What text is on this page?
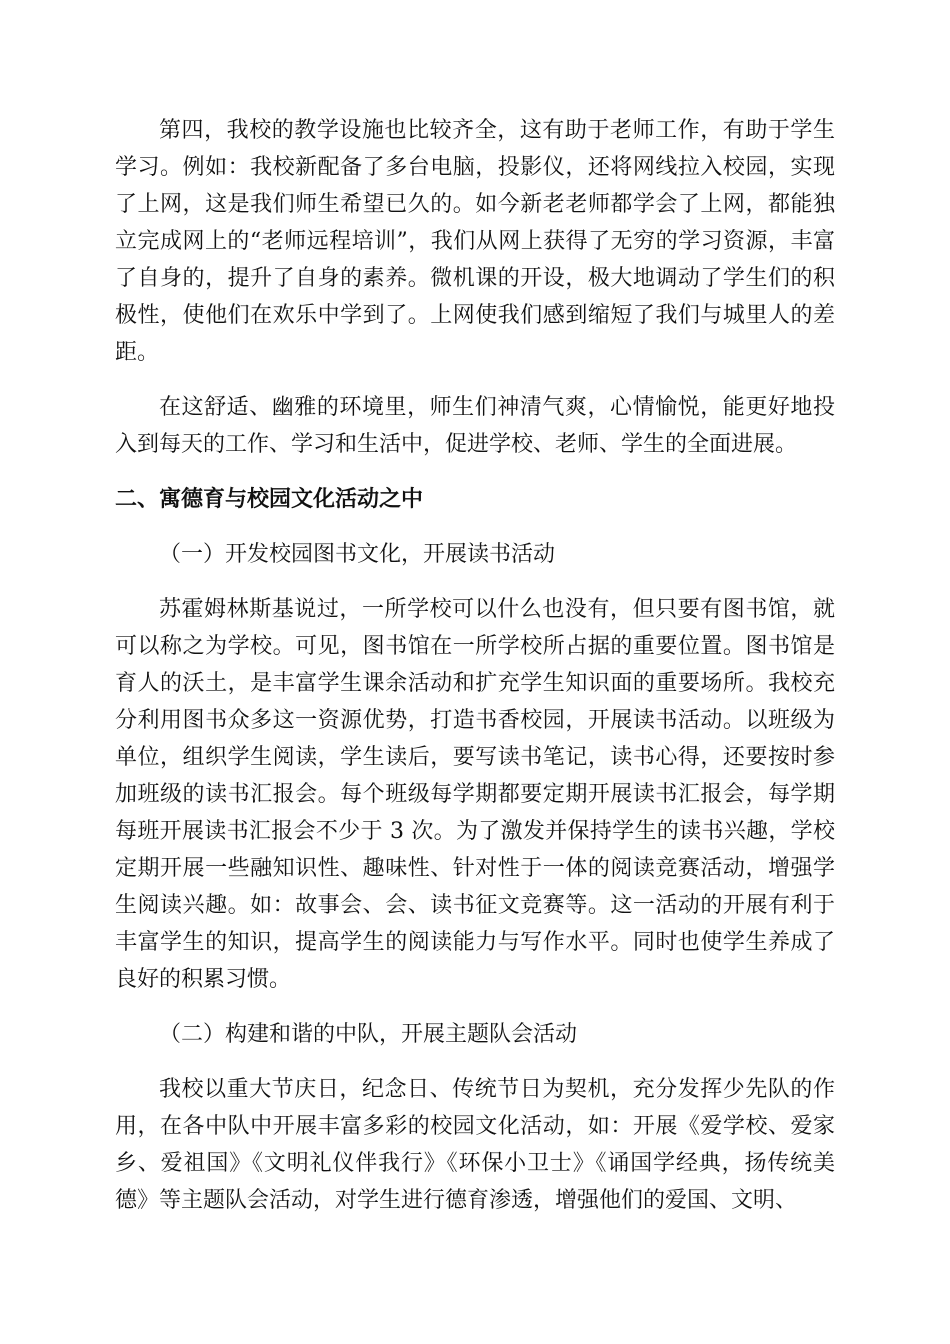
第四，我校的教学设施也比较齐全，这有助于老师工作，有助于学生学习。例如：我校新配备了多台电脑，投影仪，还将网线拉入校园，实现了上网，这是我们师生希望已久的。如今新老老师都学会了上网，都能独立完成网上的“老师远程培训”，我们从网上获得了无穷的学习资源，丰富了自身的，提升了自身的素养。微机课的开设，极大地调动了学生们的积极性，使他们在欢乐中学到了。上网使我们感到缩短了我们与城里人的差距。

在这舒适、幽雅的环境里，师生们神清气爽，心情愉悦，能更好地投入到每天的工作、学习和生活中，促进学校、老师、学生的全面进展。

二、寓德育与校园文化活动之中

（一）开发校园图书文化，开展读书活动

苏霍姆林斯基说过，一所学校可以什么也没有，但只要有图书馆，就可以称之为学校。可见，图书馆在一所学校所占据的重要位置。图书馆是育人的沃土，是丰富学生课余活动和扩充学生知识面的重要场所。我校充分利用图书众多这一资源优势，打造书香校园，开展读书活动。以班级为单位，组织学生阅读，学生读后，要写读书笔记，读书心得，还要按时参加班级的读书汇报会。每个班级每学期都要定期开展读书汇报会，每学期每班开展读书汇报会不少于 3 次。为了激发并保持学生的读书兴趣，学校定期开展一些融知识性、趣味性、针对性于一体的阅读竞赛活动，增强学生阅读兴趣。如：故事会、会、读书征文竞赛等。这一活动的开展有利于丰富学生的知识，提高学生的阅读能力与写作水平。同时也使学生养成了良好的积累习惯。

（二）构建和谐的中队，开展主题队会活动

我校以重大节庆日，纪念日、传统节日为契机，充分发挥少先队的作用，在各中队中开展丰富多彩的校园文化活动，如：开展《爱学校、爱家乡、爱祖国》《文明礼仪伴我行》《环保小卫士》《诵国学经典，扬传统美德》等主题队会活动，对学生进行德育渗透，增强他们的爱国、文明、
